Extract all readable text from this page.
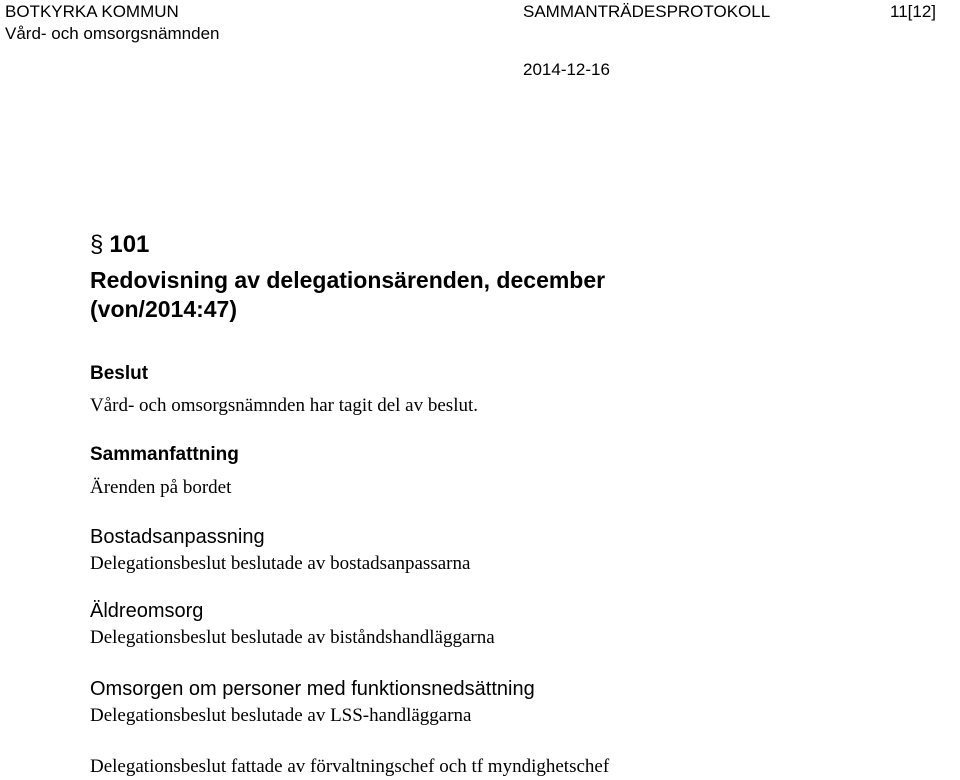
BOTKYRKA KOMMUN
Vård- och omsorgsnämnden
SAMMANTRÄDESPROTOKOLL	11[12]
2014-12-16
§ 101
Redovisning av delegationsärenden, december
(von/2014:47)
Beslut
Vård- och omsorgsnämnden har tagit del av beslut.
Sammanfattning
Ärenden på bordet
Bostadsanpassning
Delegationsbeslut beslutade av bostadsanpassarna
Äldreomsorg
Delegationsbeslut beslutade av biståndshandläggarna
Omsorgen om personer med funktionsnedsättning
Delegationsbeslut beslutade av LSS-handläggarna
Delegationsbeslut fattade av förvaltningschef och tf myndighetschef
